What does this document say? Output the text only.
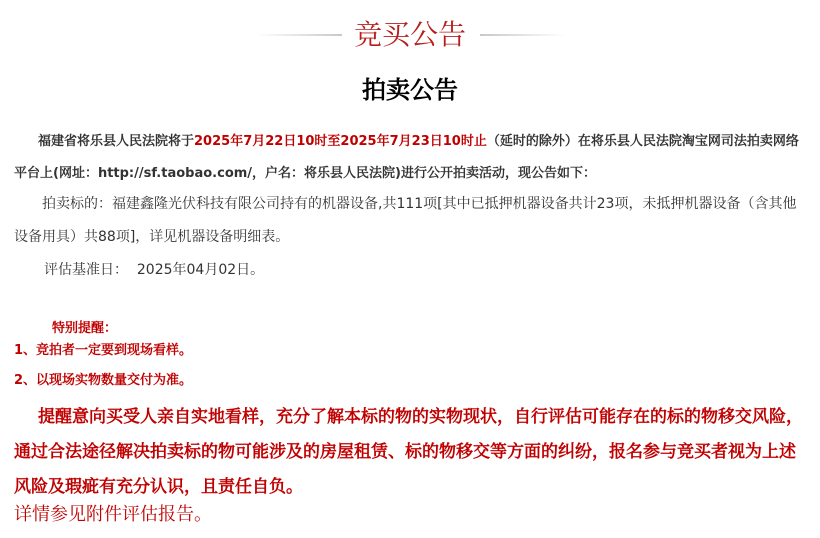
竞买公告
拍卖公告
福建省将乐县人民法院将于2025年7月22日10时至2025年7月23日10时止（延时的除外）在将乐县人民法院淘宝网司法拍卖网络平台上(网址：http://sf.taobao.com/，户名：将乐县人民法院)进行公开拍卖活动，现公告如下：
拍卖标的：福建鑫隆光伏科技有限公司持有的机器设备,共111项[其中已抵押机器设备共计23项，未抵押机器设备（含其他设备用具）共88项]，详见机器设备明细表。
评估基准日：  2025年04月02日。
特别提醒：
1、竞拍者一定要到现场看样。
2、以现场实物数量交付为准。
提醒意向买受人亲自实地看样，充分了解本标的物的实物现状，自行评估可能存在的标的物移交风险，通过合法途径解决拍卖标的物可能涉及的房屋租赁、标的物移交等方面的纠纷，报名参与竞买者视为上述风险及瑕疵有充分认识，且责任自负。
详情参见附件评估报告。
